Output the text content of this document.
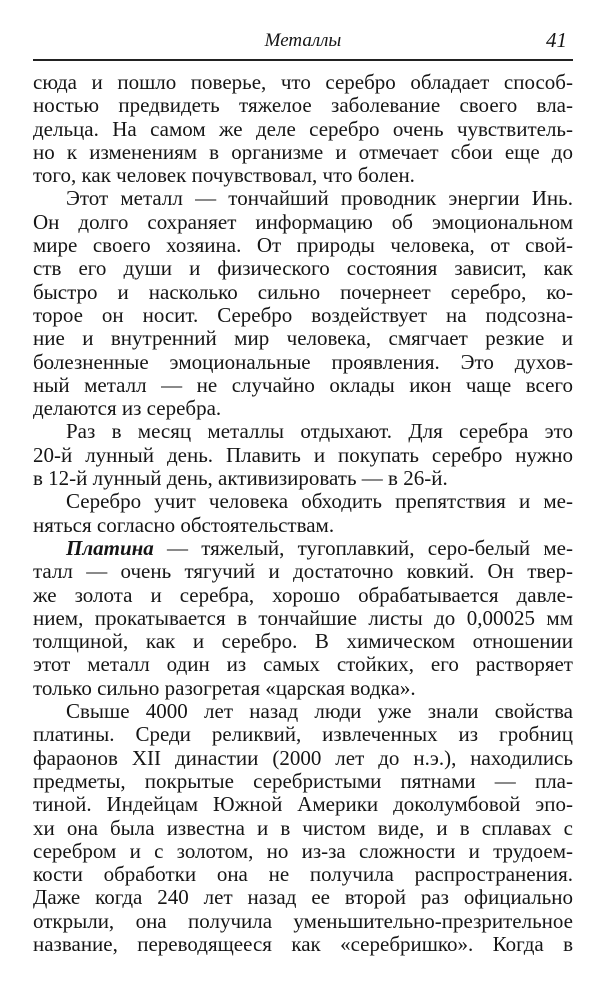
Металлы	41
сюда и пошло поверье, что серебро обладает способ-
ностью предвидеть тяжелое заболевание своего вла-
дельца. На самом же деле серебро очень чувствитель-
но к изменениям в организме и отмечает сбои еще до
того, как человек почувствовал, что болен.
Этот металл — тончайший проводник энергии Инь.
Он долго сохраняет информацию об эмоциональном
мире своего хозяина. От природы человека, от свой-
ств его души и физического состояния зависит, как
быстро и насколько сильно почернеет серебро, ко-
торое он носит. Серебро воздействует на подсозна-
ние и внутренний мир человека, смягчает резкие и
болезненные эмоциональные проявления. Это духов-
ный металл — не случайно оклады икон чаще всего
делаются из серебра.
Раз в месяц металлы отдыхают. Для серебра это
20-й лунный день. Плавить и покупать серебро нужно
в 12-й лунный день, активизировать — в 26-й.
Серебро учит человека обходить препятствия и ме-
няться согласно обстоятельствам.
Платина — тяжелый, тугоплавкий, серо-белый ме-
талл — очень тягучий и достаточно ковкий. Он твер-
же золота и серебра, хорошо обрабатывается давле-
нием, прокатывается в тончайшие листы до 0,00025 мм
толщиной, как и серебро. В химическом отношении
этот металл один из самых стойких, его растворяет
только сильно разогретая «царская водка».
Свыше 4000 лет назад люди уже знали свойства
платины. Среди реликвий, извлеченных из гробниц
фараонов XII династии (2000 лет до н.э.), находились
предметы, покрытые серебристыми пятнами — пла-
тиной. Индейцам Южной Америки доколумбовой эпо-
хи она была известна и в чистом виде, и в сплавах с
серебром и с золотом, но из-за сложности и трудоем-
кости обработки она не получила распространения.
Даже когда 240 лет назад ее второй раз официально
открыли, она получила уменьшительно-презрительное
название, переводящееся как «серебришко». Когда в
